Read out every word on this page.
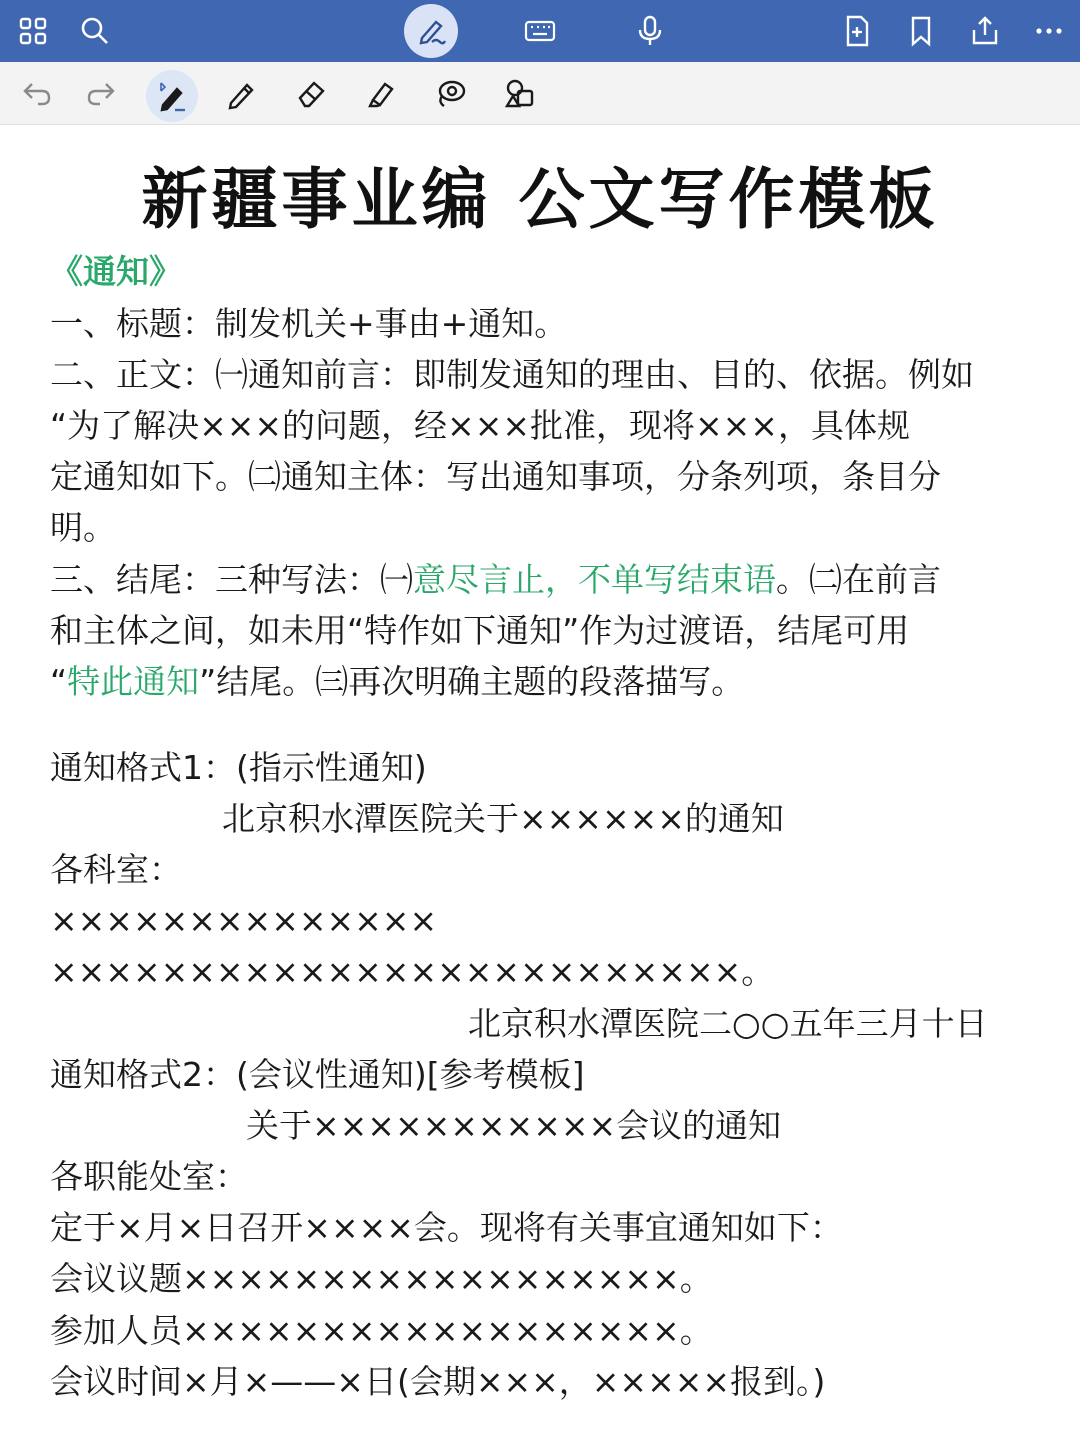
新疆事业编 公文写作模板
《通知》
一、标题：制发机关+事由+通知。
二、正文：㈠通知前言：即制发通知的理由、目的、依据。例如
“为了解决×××的问题，经×××批准，现将×××，具体规
定通知如下。㈡通知主体：写出通知事项，分条列项，条目分
明。
三、结尾：三种写法：㈠意尽言止，不单写结束语。㈡在前言
和主体之间，如未用“特作如下通知”作为过渡语，结尾可用
“特此通知”结尾。㈢再次明确主题的段落描写。
通知格式1：(指示性通知)
北京积水潭医院关于××××××的通知
各科室：
××××××××××××××
×××××××××××××××××××××××××。
北京积水潭医院二○○五年三月十日
通知格式2：(会议性通知)[参考模板]
关于×××××××××××会议的通知
各职能处室：
定于×月×日召开××××会。现将有关事宜通知如下：
会议议题××××××××××××××××××。
参加人员××××××××××××××××××。
会议时间×月×——×日(会期×××，×××××报到。)
